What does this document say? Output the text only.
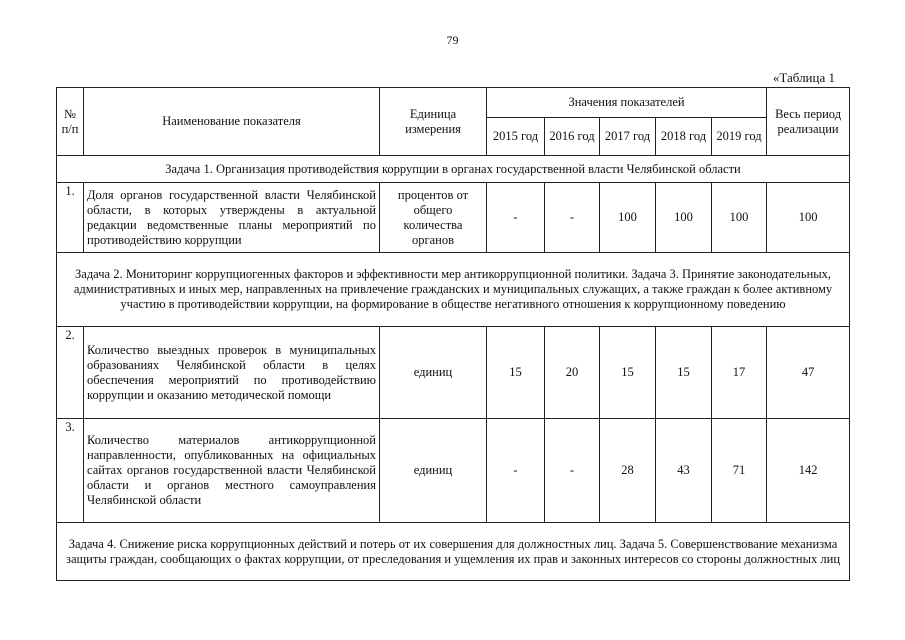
79
«Таблица 1
№ п/п	Наименование показателя	Единица измерения	Значения показателей					Весь период реализации
			2015 год	2016 год	2017 год	2018 год	2019 год	
Задача 1. Организация противодействия коррупции в органах государственной власти Челябинской области								
1.	Доля органов государственной власти Челябинской области, в которых утверждены в актуальной редакции ведомственные планы мероприятий по противодействию коррупции	процентов от общего количества органов	-	-	100	100	100	100
Задача 2. Мониторинг коррупциогенных факторов и эффективности мер антикоррупционной политики. Задача 3. Принятие законодательных, административных и иных мер, направленных на привлечение гражданских и муниципальных служащих, а также граждан к более активному участию в противодействии коррупции, на формирование в обществе негативного отношения к коррупционному поведению								
2.	Количество выездных проверок в муниципальных образованиях Челябинской области в целях обеспечения мероприятий по противодействию коррупции и оказанию методической помощи	единиц	15	20	15	15	17	47
3.	Количество материалов антикоррупционной направленности, опубликованных на официальных сайтах органов государственной власти Челябинской области и органов местного самоуправления Челябинской области	единиц	-	-	28	43	71	142
Задача 4. Снижение риска коррупционных действий и потерь от их совершения для должностных лиц. Задача 5. Совершенствование механизма защиты граждан, сообщающих о фактах коррупции, от преследования и ущемления их прав и законных интересов со стороны должностных лиц								
